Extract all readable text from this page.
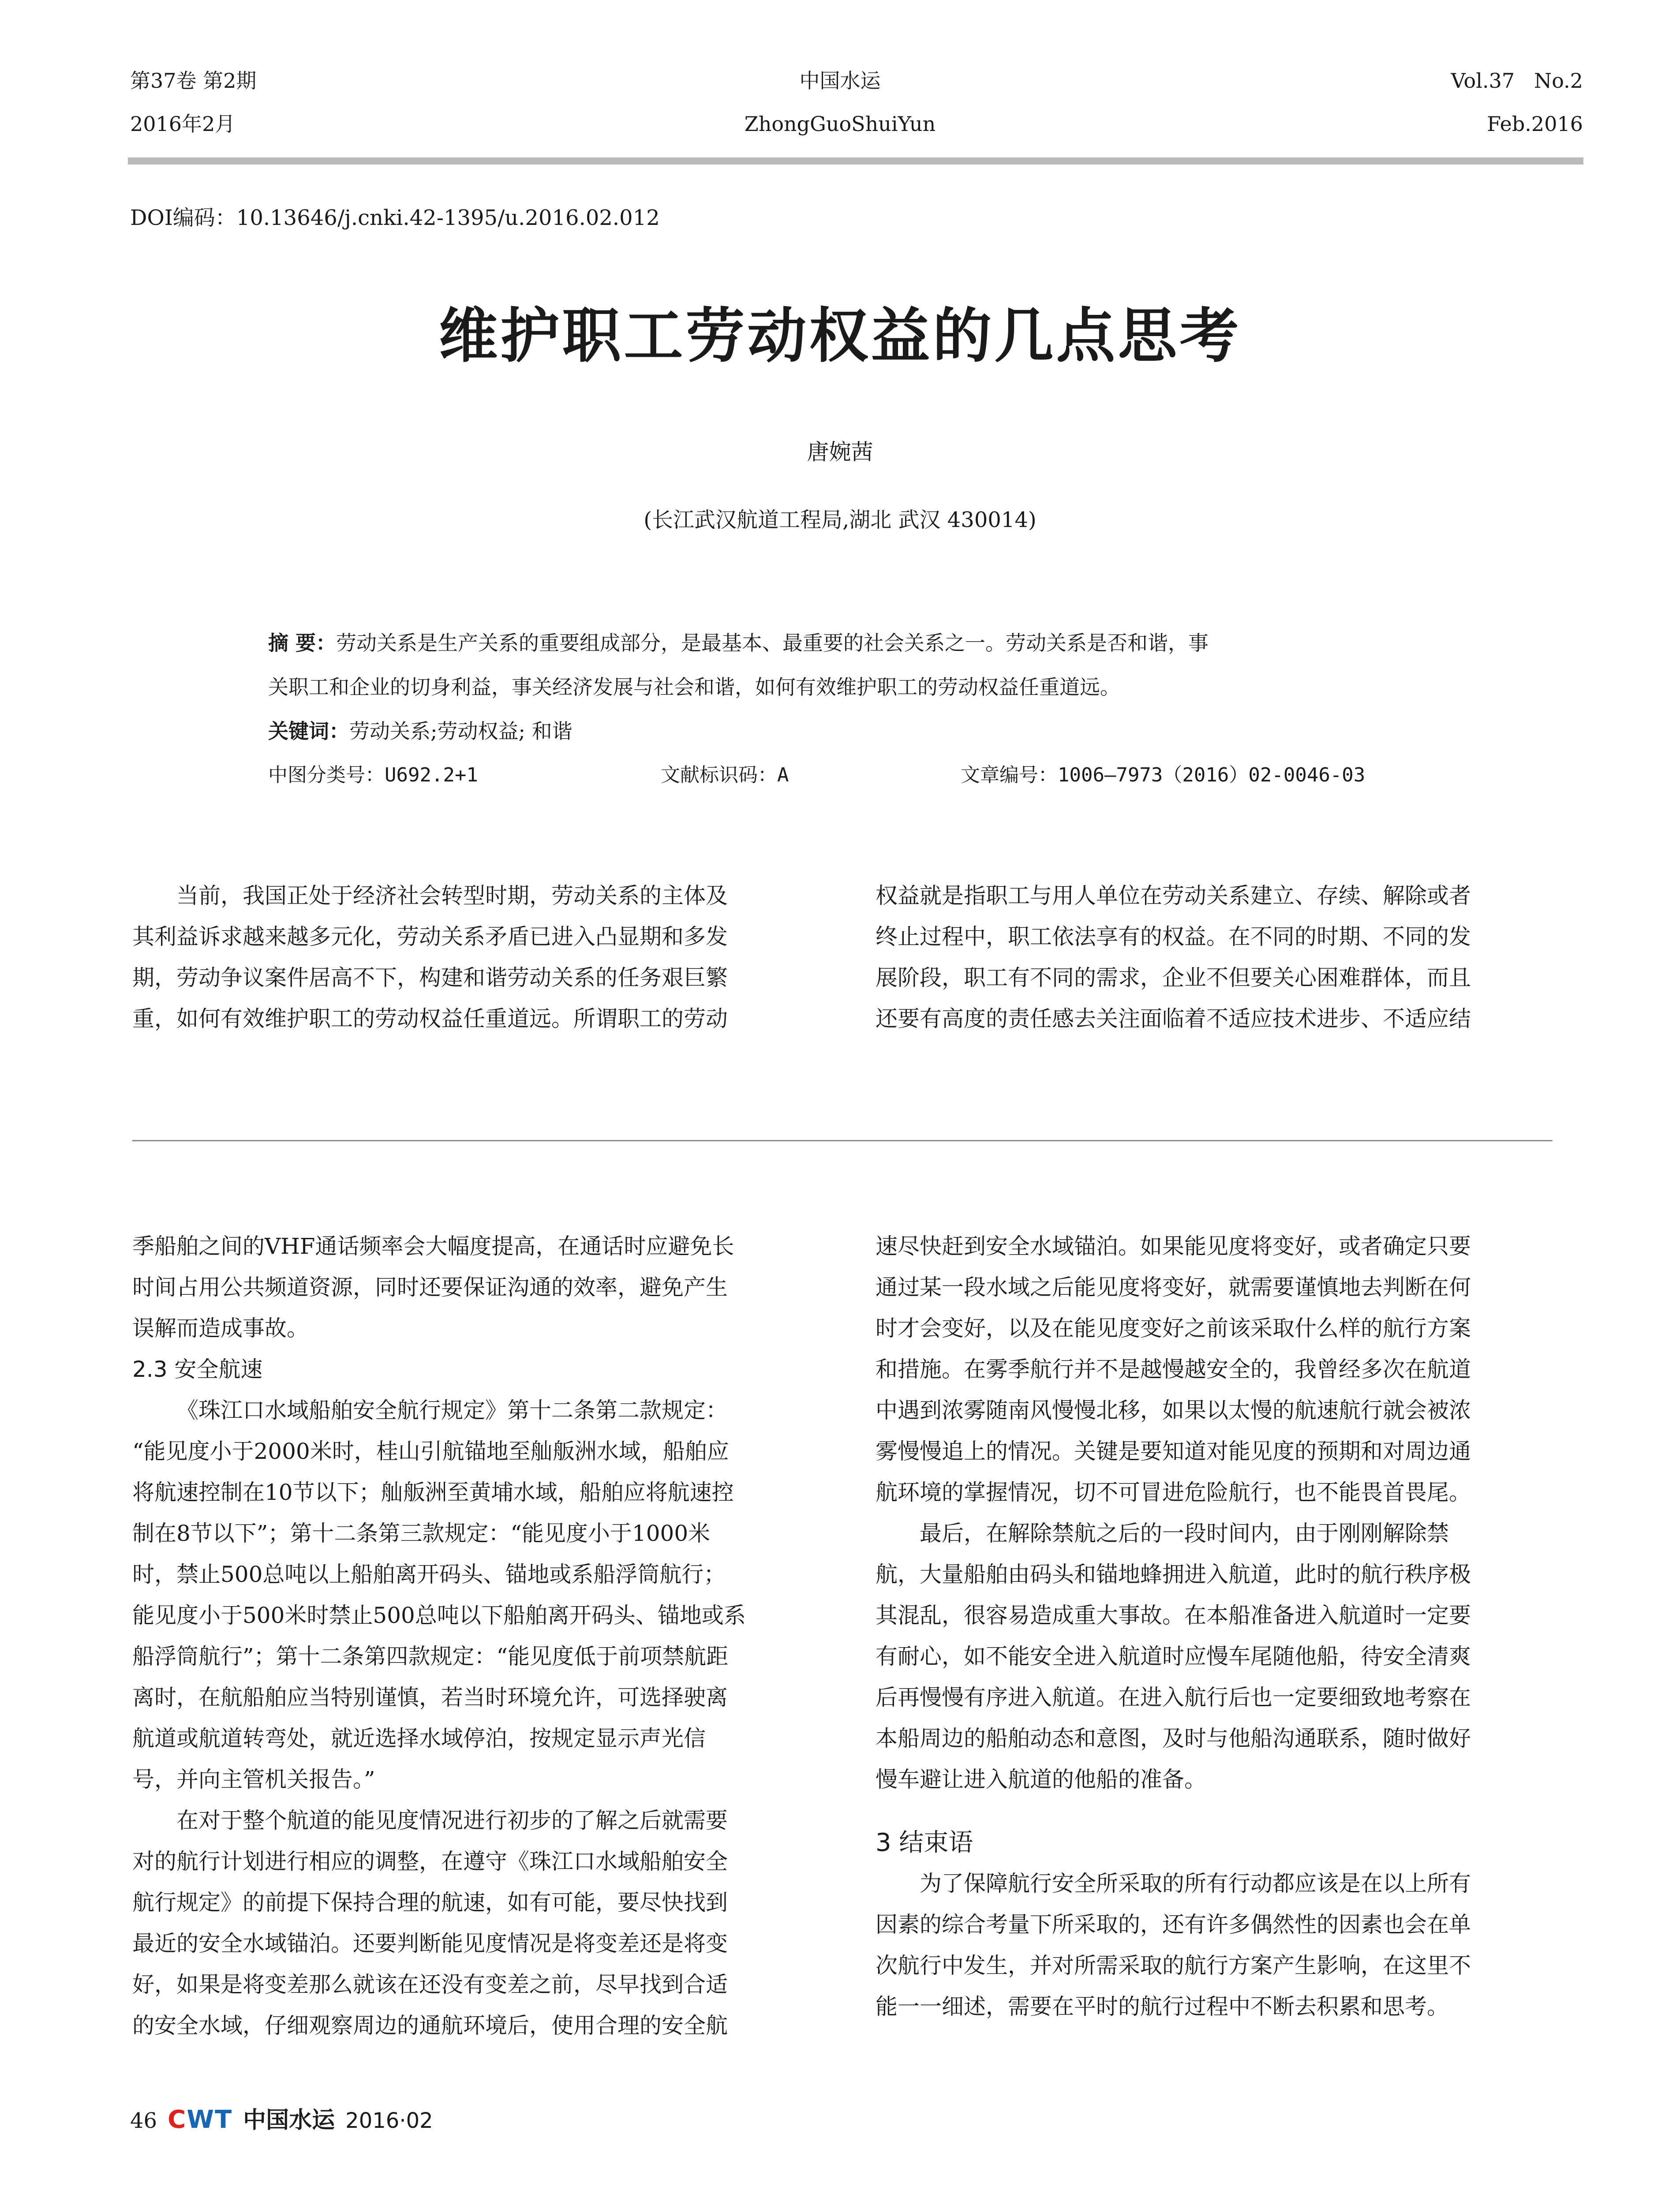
第37卷 第2期
2016年2月
中国水运
ZhongGuoShuiYun
Vol.37   No.2
Feb.2016
DOI编码：10.13646/j.cnki.42-1395/u.2016.02.012
维护职工劳动权益的几点思考
唐婉茜
(长江武汉航道工程局,湖北 武汉 430014)
摘 要：劳动关系是生产关系的重要组成部分，是最基本、最重要的社会关系之一。劳动关系是否和谐，事
关职工和企业的切身利益，事关经济发展与社会和谐，如何有效维护职工的劳动权益任重道远。
关键词：劳动关系;劳动权益; 和谐
中图分类号：U692.2+1	文献标识码：A	文章编号：1006—7973（2016）02-0046-03

当前，我国正处于经济社会转型时期，劳动关系的主体及

其利益诉求越来越多元化，劳动关系矛盾已进入凸显期和多发

期，劳动争议案件居高不下，构建和谐劳动关系的任务艰巨繁

重，如何有效维护职工的劳动权益任重道远。所谓职工的劳动

权益就是指职工与用人单位在劳动关系建立、存续、解除或者

终止过程中，职工依法享有的权益。在不同的时期、不同的发

展阶段，职工有不同的需求，企业不但要关心困难群体，而且

还要有高度的责任感去关注面临着不适应技术进步、不适应结

季船舶之间的VHF通话频率会大幅度提高，在通话时应避免长

时间占用公共频道资源，同时还要保证沟通的效率，避免产生

误解而造成事故。

2.3 安全航速

《珠江口水域船舶安全航行规定》第十二条第二款规定：

“能见度小于2000米时，桂山引航锚地至舢舨洲水域，船舶应

将航速控制在10节以下；舢舨洲至黄埔水域，船舶应将航速控

制在8节以下”；第十二条第三款规定：“能见度小于1000米

时，禁止500总吨以上船舶离开码头、锚地或系船浮筒航行；

能见度小于500米时禁止500总吨以下船舶离开码头、锚地或系

船浮筒航行”；第十二条第四款规定：“能见度低于前项禁航距

离时，在航船舶应当特别谨慎，若当时环境允许，可选择驶离

航道或航道转弯处，就近选择水域停泊，按规定显示声光信

号，并向主管机关报告。”

在对于整个航道的能见度情况进行初步的了解之后就需要

对的航行计划进行相应的调整，在遵守《珠江口水域船舶安全

航行规定》的前提下保持合理的航速，如有可能，要尽快找到

最近的安全水域锚泊。还要判断能见度情况是将变差还是将变

好，如果是将变差那么就该在还没有变差之前，尽早找到合适

的安全水域，仔细观察周边的通航环境后，使用合理的安全航

速尽快赶到安全水域锚泊。如果能见度将变好，或者确定只要

通过某一段水域之后能见度将变好，就需要谨慎地去判断在何

时才会变好，以及在能见度变好之前该采取什么样的航行方案

和措施。在雾季航行并不是越慢越安全的，我曾经多次在航道

中遇到浓雾随南风慢慢北移，如果以太慢的航速航行就会被浓

雾慢慢追上的情况。关键是要知道对能见度的预期和对周边通

航环境的掌握情况，切不可冒进危险航行，也不能畏首畏尾。

最后，在解除禁航之后的一段时间内，由于刚刚解除禁

航，大量船舶由码头和锚地蜂拥进入航道，此时的航行秩序极

其混乱，很容易造成重大事故。在本船准备进入航道时一定要

有耐心，如不能安全进入航道时应慢车尾随他船，待安全清爽

后再慢慢有序进入航道。在进入航行后也一定要细致地考察在

本船周边的船舶动态和意图，及时与他船沟通联系，随时做好

慢车避让进入航道的他船的准备。

3 结束语

为了保障航行安全所采取的所有行动都应该是在以上所有

因素的综合考量下所采取的，还有许多偶然性的因素也会在单

次航行中发生，并对所需采取的航行方案产生影响，在这里不

能一一细述，需要在平时的航行过程中不断去积累和思考。

46 CWT 中国水运 2016·02
